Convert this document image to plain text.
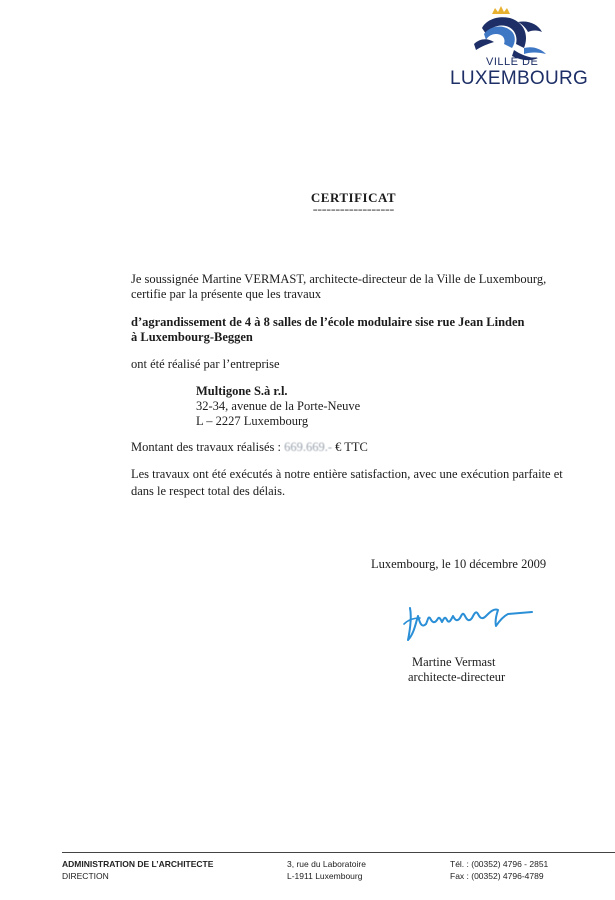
VILLE DE
LUXEMBOURG
CERTIFICAT
==================
Je soussignée Martine VERMAST, architecte-directeur de la Ville de Luxembourg,
certifie par la présente que les travaux
d’agrandissement de 4 à 8 salles de l’école modulaire sise rue Jean Linden
à Luxembourg-Beggen
ont été réalisé par l’entreprise
Multigone S.à r.l.
32-34, avenue de la Porte-Neuve
L – 2227 Luxembourg
Montant des travaux réalisés : 669.669.- € TTC
Les travaux ont été exécutés à notre entière satisfaction, avec une exécution parfaite et
dans le respect total des délais.
Luxembourg, le 10 décembre 2009
Martine Vermast
architecte-directeur
ADMINISTRATION DE L’ARCHITECTE
DIRECTION
3, rue du Laboratoire
L-1911 Luxembourg
Tél. : (00352) 4796 - 2851
Fax : (00352) 4796-4789
